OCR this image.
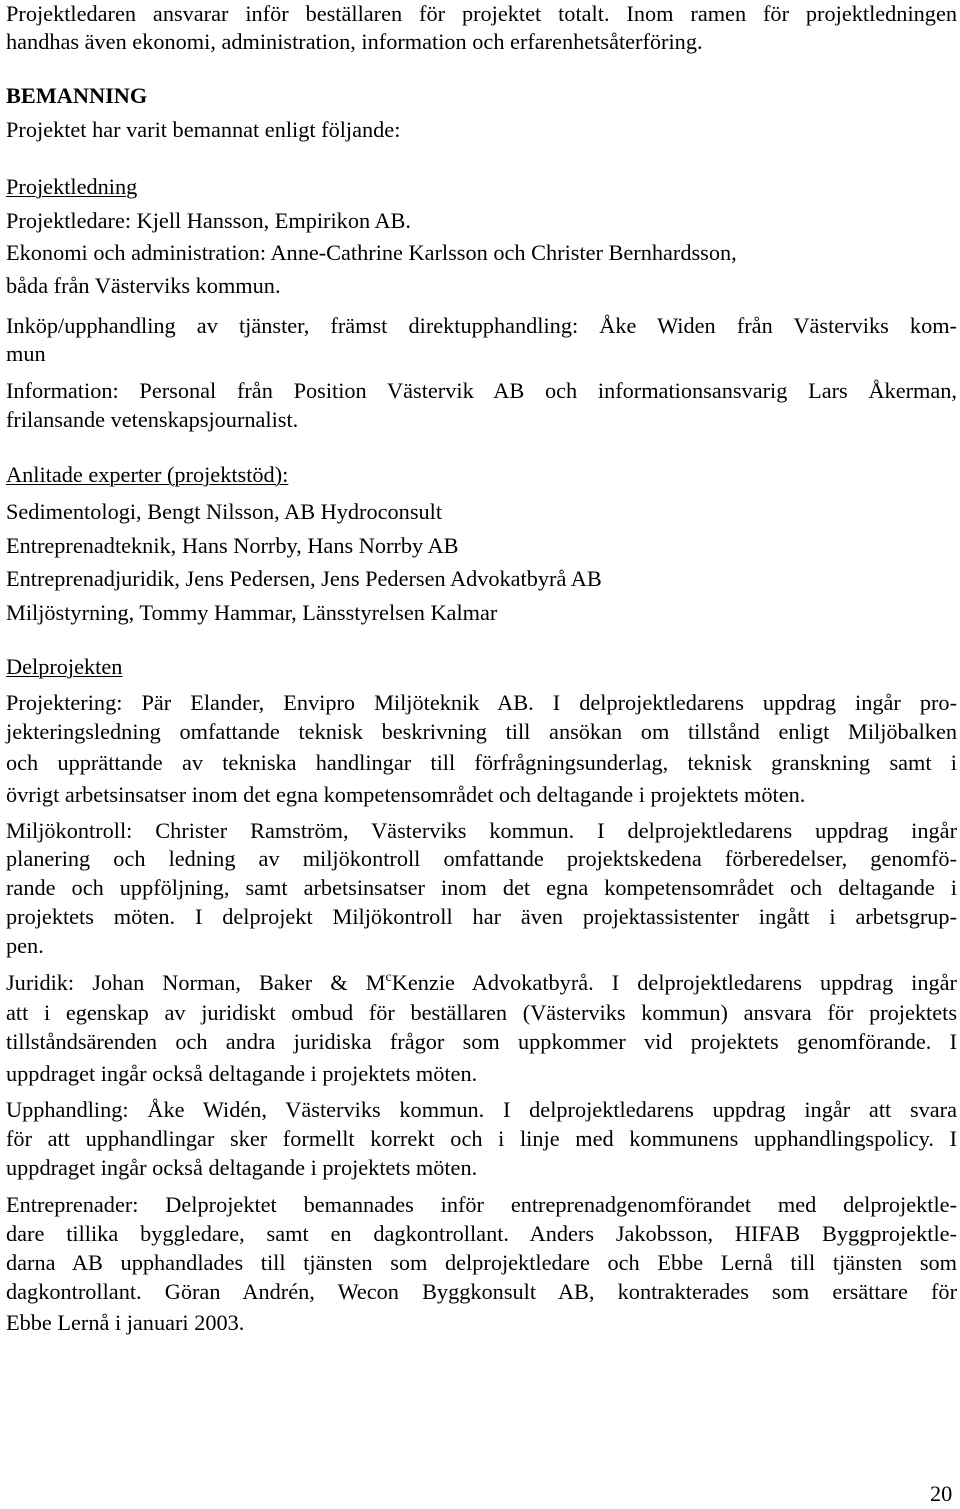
Projektledaren ansvarar inför beställaren för projektet totalt. Inom ramen för projektledningen
handhas även ekonomi, administration, information och erfarenhetsåterföring.
BEMANNING
Projektet har varit bemannat enligt följande:
Projektledning
Projektledare: Kjell Hansson, Empirikon AB.
Ekonomi och administration: Anne-Cathrine Karlsson och Christer Bernhardsson,
båda från Västerviks kommun.
Inköp/upphandling av tjänster, främst direktupphandling: Åke Widen från Västerviks kom-
mun
Information: Personal från Position Västervik AB och informationsansvarig Lars Åkerman,
frilansande vetenskapsjournalist.
Anlitade experter (projektstöd):
Sedimentologi, Bengt Nilsson, AB Hydroconsult
Entreprenadteknik, Hans Norrby, Hans Norrby AB
Entreprenadjuridik, Jens Pedersen, Jens Pedersen Advokatbyrå AB
Miljöstyrning, Tommy Hammar, Länsstyrelsen Kalmar
Delprojekten
Projektering: Pär Elander, Envipro Miljöteknik AB. I delprojektledarens uppdrag ingår pro-
jekteringsledning omfattande teknisk beskrivning till ansökan om tillstånd enligt Miljöbalken
och upprättande av tekniska handlingar till förfrågningsunderlag, teknisk granskning samt i
övrigt arbetsinsatser inom det egna kompetensområdet och deltagande i projektets möten.
Miljökontroll: Christer Ramström, Västerviks kommun. I delprojektledarens uppdrag ingår
planering och ledning av miljökontroll omfattande projektskedena förberedelser, genomfö-
rande och uppföljning, samt arbetsinsatser inom det egna kompetensområdet och deltagande i
projektets möten. I delprojekt Miljökontroll har även projektassistenter ingått i arbetsgrup-
pen.
Juridik: Johan Norman, Baker & $M^cKenzie$ Advokatbyrå. I delprojektledarens uppdrag ingår
att i egenskap av juridiskt ombud för beställaren (Västerviks kommun) ansvara för projektets
tillståndsärenden och andra juridiska frågor som uppkommer vid projektets genomförande. I
uppdraget ingår också deltagande i projektets möten.
Upphandling: Åke Widén, Västerviks kommun. I delprojektledarens uppdrag ingår att svara
för att upphandlingar sker formellt korrekt och i linje med kommunens upphandlingspolicy. I
uppdraget ingår också deltagande i projektets möten.
Entreprenader: Delprojektet bemannades inför entreprenadgenomförandet med delprojektle-
dare tillika byggledare, samt en dagkontrollant. Anders Jakobsson, HIFAB Byggprojektle-
darna AB upphandlades till tjänsten som delprojektledare och Ebbe Lernå till tjänsten som
dagkontrollant. Göran Andrén, Wecon Byggkonsult AB, kontrakterades som ersättare för
Ebbe Lernå i januari 2003.
20
